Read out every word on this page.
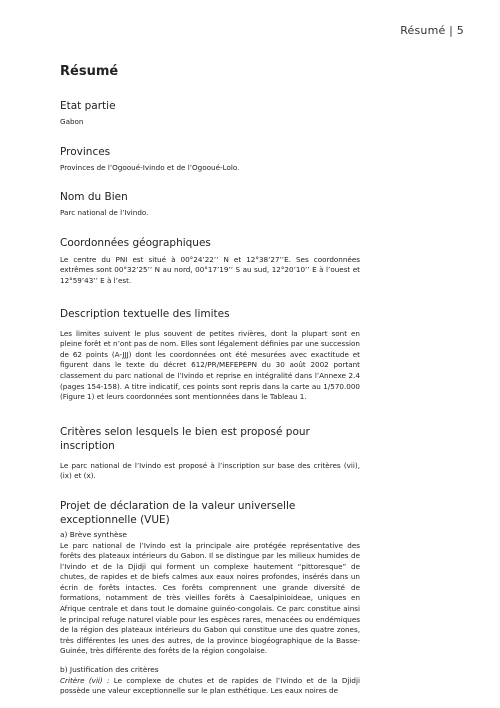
Résumé | 5
Résumé
Etat partie
Gabon
Provinces
Provinces de l’Ogooué-Ivindo et de l’Ogooué-Lolo.
Nom du Bien
Parc national de l’Ivindo.
Coordonnées géographiques
Le centre du PNI est situé à 00°24’22’’ N et 12°38’27’’E. Ses coordonnées extrêmes sont 00°32’25’’ N au nord, 00°17’19’’ S au sud, 12°20’10’’ E à l’ouest et 12°59’43’’ E à l’est.
Description textuelle des limites
Les limites suivent le plus souvent de petites rivières, dont la plupart sont en pleine forêt et n’ont pas de nom. Elles sont légalement définies par une succession de 62 points (A-JJJ) dont les coordonnées ont été mesurées avec exactitude et figurent dans le texte du décret 612/PR/MEFEPEPN du 30 août 2002 portant classement du parc national de l’Ivindo et reprise en intégralité dans l’Annexe 2.4 (pages 154-158). A titre indicatif, ces points sont repris dans la carte au 1/570.000 (Figure 1) et leurs coordonnées sont mentionnées dans le Tableau 1.
Critères selon lesquels le bien est proposé pour inscription
Le parc national de l’Ivindo est proposé à l’inscription sur base des critères (vii), (ix) et (x).
Projet de déclaration de la valeur universelle exceptionnelle (VUE)
a) Brève synthèse
Le parc national de l’Ivindo est la principale aire protégée représentative des forêts des plateaux intérieurs du Gabon. Il se distingue par les milieux humides de l’Ivindo et de la Djidji qui forment un complexe hautement “pittoresque” de chutes, de rapides et de biefs calmes aux eaux noires profondes, insérés dans un écrin de forêts intactes. Ces forêts comprennent une grande diversité de formations, notamment de très vieilles forêts à Caesalpinioideae, uniques en Afrique centrale et dans tout le domaine guinéo-congolais. Ce parc constitue ainsi le principal refuge naturel viable pour les espèces rares, menacées ou endémiques de la région des plateaux intérieurs du Gabon qui constitue une des quatre zones, très différentes les unes des autres, de la province biogéographique de la Basse-Guinée, très différente des forêts de la région congolaise.
b) Justification des critères
Critère (vii) : Le complexe de chutes et de rapides de l’Ivindo et de la Djidji possède une valeur exceptionnelle sur le plan esthétique. Les eaux noires de
